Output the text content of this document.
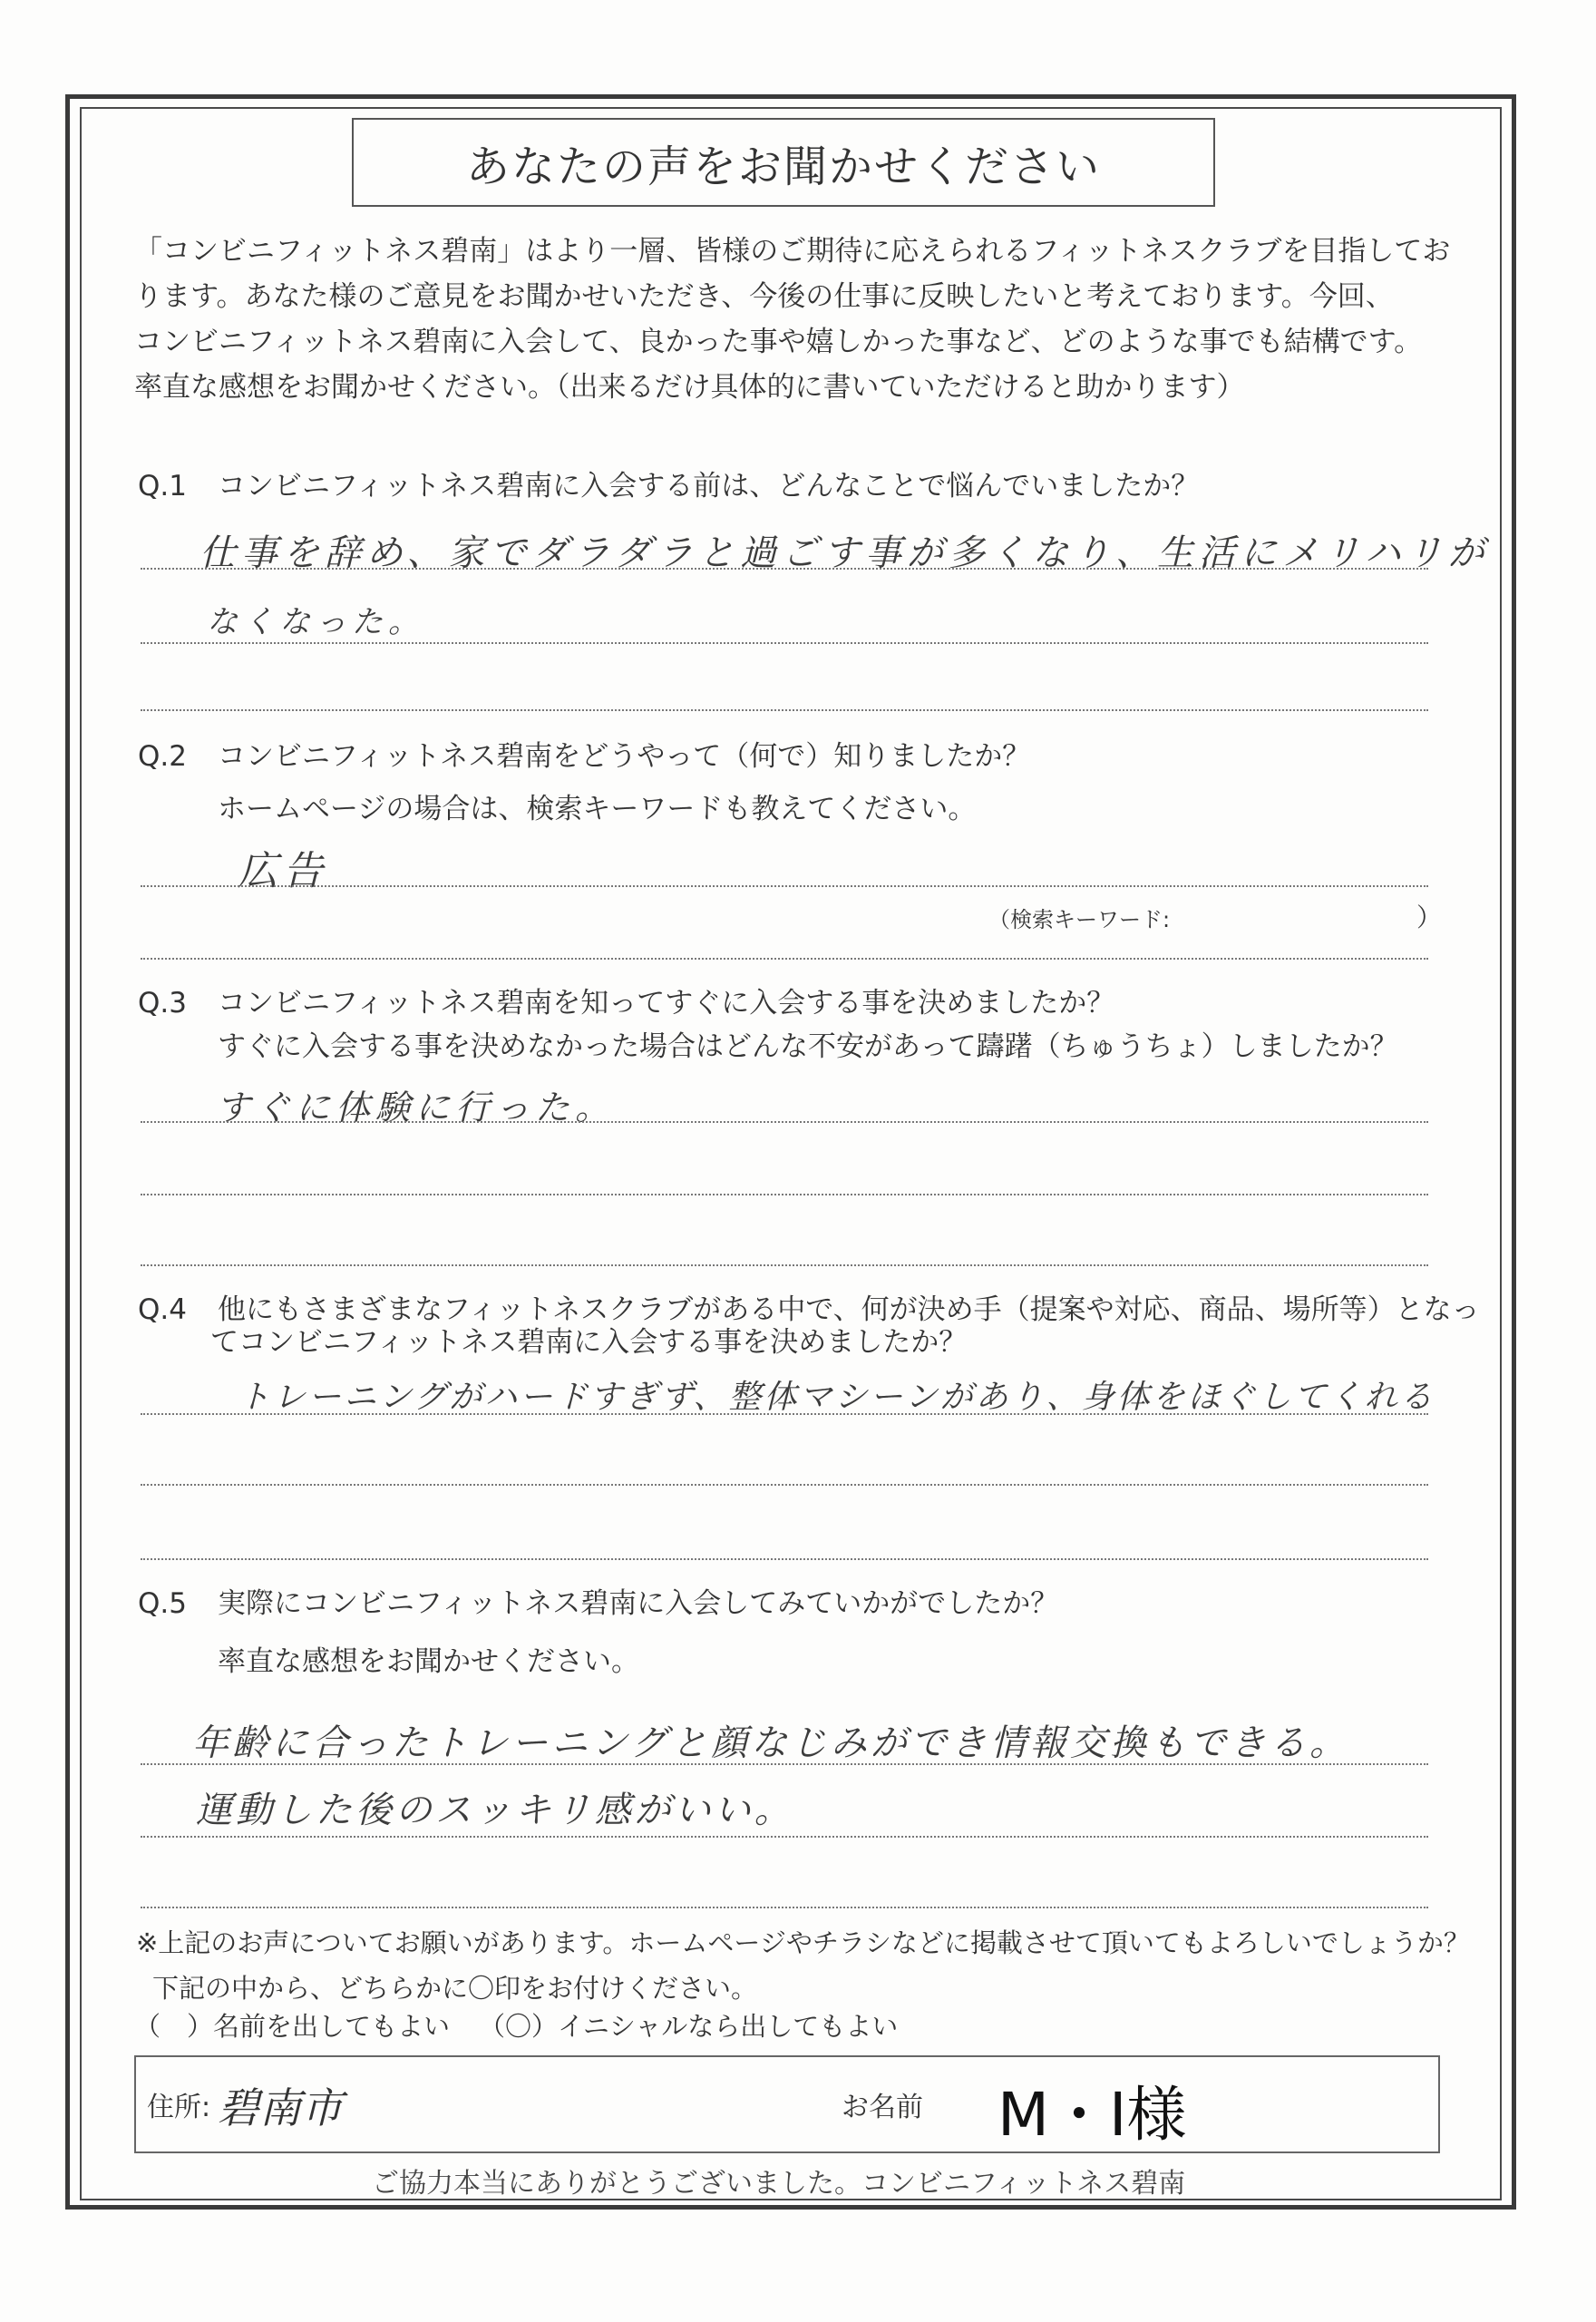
あなたの声をお聞かせください
「コンビニフィットネス碧南」はより一層、皆様のご期待に応えられるフィットネスクラブを目指してお
ります。あなた様のご意見をお聞かせいただき、今後の仕事に反映したいと考えております。今回、
コンビニフィットネス碧南に入会して、良かった事や嬉しかった事など、どのような事でも結構です。
率直な感想をお聞かせください。（出来るだけ具体的に書いていただけると助かります）
Q.1 コンビニフィットネス碧南に入会する前は、どんなことで悩んでいましたか？
仕事を辞め、家でダラダラと過ごす事が多くなり、生活にメリハリが
なくなった。
Q.2 コンビニフィットネス碧南をどうやって（何で）知りましたか？
ホームページの場合は、検索キーワードも教えてください。
広告
（検索キーワード:	）
Q.3 コンビニフィットネス碧南を知ってすぐに入会する事を決めましたか？
すぐに入会する事を決めなかった場合はどんな不安があって躊躇（ちゅうちょ）しましたか？
すぐに体験に行った。
Q.4 他にもさまざまなフィットネスクラブがある中で、何が決め手（提案や対応、商品、場所等）となっ
てコンビニフィットネス碧南に入会する事を決めましたか？
トレーニングがハードすぎず、整体マシーンがあり、身体をほぐしてくれる
Q.5 実際にコンビニフィットネス碧南に入会してみていかがでしたか？
率直な感想をお聞かせください。
年齢に合ったトレーニングと顔なじみができ情報交換もできる。
運動した後のスッキリ感がいい。
※上記のお声についてお願いがあります。ホームページやチラシなどに掲載させて頂いてもよろしいでしょうか？
下記の中から、どちらかに〇印をお付けください。
（　）名前を出してもよい （〇）イニシャルなら出してもよい
住所: 碧南市	お名前 M・I様
ご協力本当にありがとうございました。コンビニフィットネス碧南
